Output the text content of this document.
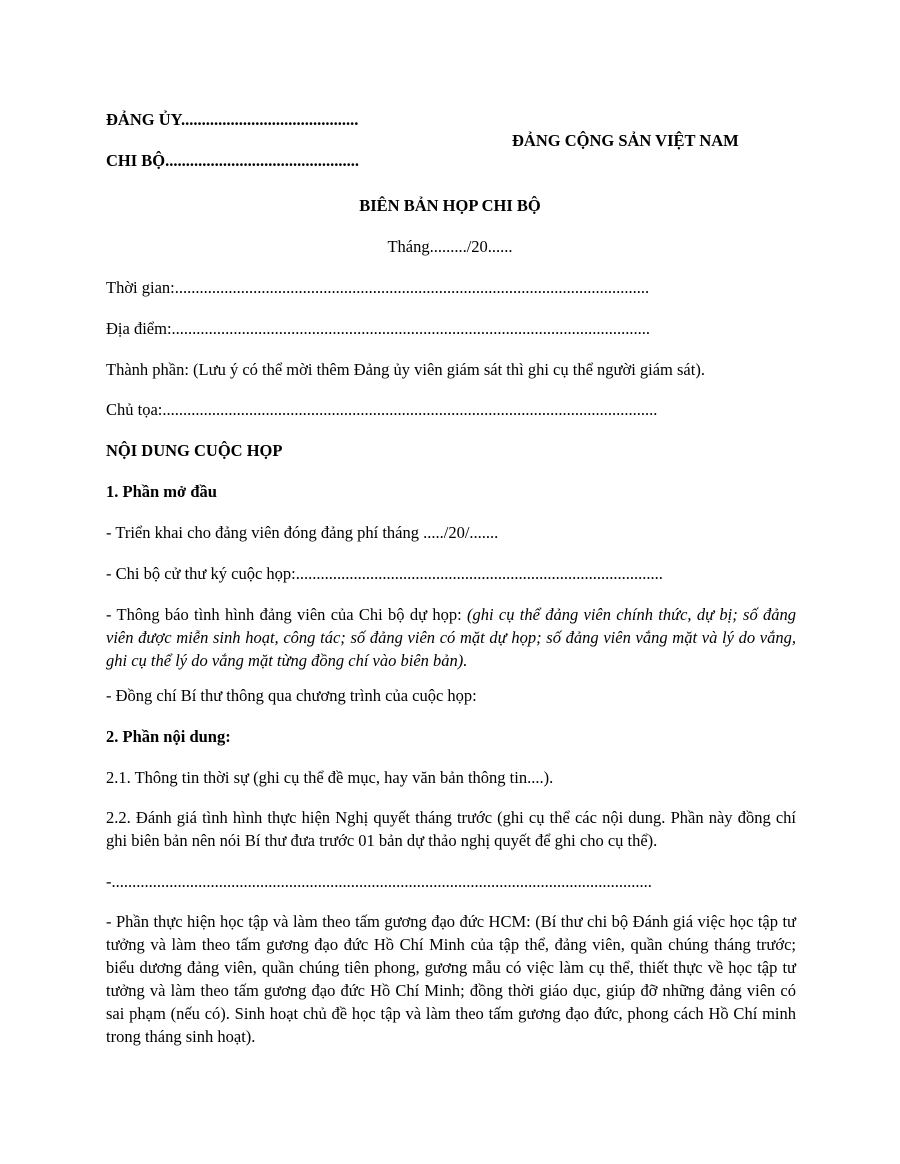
ĐẢNG ỦY...........................................
ĐẢNG CỘNG SẢN VIỆT NAM
CHI BỘ...............................................
BIÊN BẢN HỌP CHI BỘ
Tháng........./20......
Thời gian:...................................................................................................................
Địa điểm:....................................................................................................................
Thành phần: (Lưu ý có thể mời thêm Đảng ủy viên giám sát thì ghi cụ thể người giám sát).
Chủ tọa:........................................................................................................................
NỘI DUNG CUỘC HỌP
1. Phần mở đầu
- Triển khai cho đảng viên đóng đảng phí tháng ...../20/.......
- Chi bộ cử thư ký cuộc họp:.........................................................................................
- Thông báo tình hình đảng viên của Chi bộ dự họp: (ghi cụ thể đảng viên chính thức, dự bị; số đảng viên được miễn sinh hoạt, công tác; số đảng viên có mặt dự họp; số đảng viên vắng mặt và lý do vắng, ghi cụ thể lý do vắng mặt từng đồng chí vào biên bản).
- Đồng chí Bí thư thông qua chương trình của cuộc họp:
2. Phần nội dung:
2.1. Thông tin thời sự (ghi cụ thể đề mục, hay văn bản thông tin....).
2.2. Đánh giá tình hình thực hiện Nghị quyết tháng trước (ghi cụ thể các nội dung. Phần này đồng chí ghi biên bản nên nói Bí thư đưa trước 01 bản dự thảo nghị quyết để ghi cho cụ thể).
-...................................................................................................................................
- Phần thực hiện học tập và làm theo tấm gương đạo đức HCM: (Bí thư chi bộ Đánh giá việc học tập tư tưởng và làm theo tấm gương đạo đức Hồ Chí Minh của tập thể, đảng viên, quần chúng tháng trước; biểu dương đảng viên, quần chúng tiên phong, gương mẫu có việc làm cụ thể, thiết thực về học tập tư tưởng và làm theo tấm gương đạo đức Hồ Chí Minh; đồng thời giáo dục, giúp đỡ những đảng viên có sai phạm (nếu có). Sinh hoạt chủ đề học tập và làm theo tấm gương đạo đức, phong cách Hồ Chí minh trong tháng sinh hoạt).
